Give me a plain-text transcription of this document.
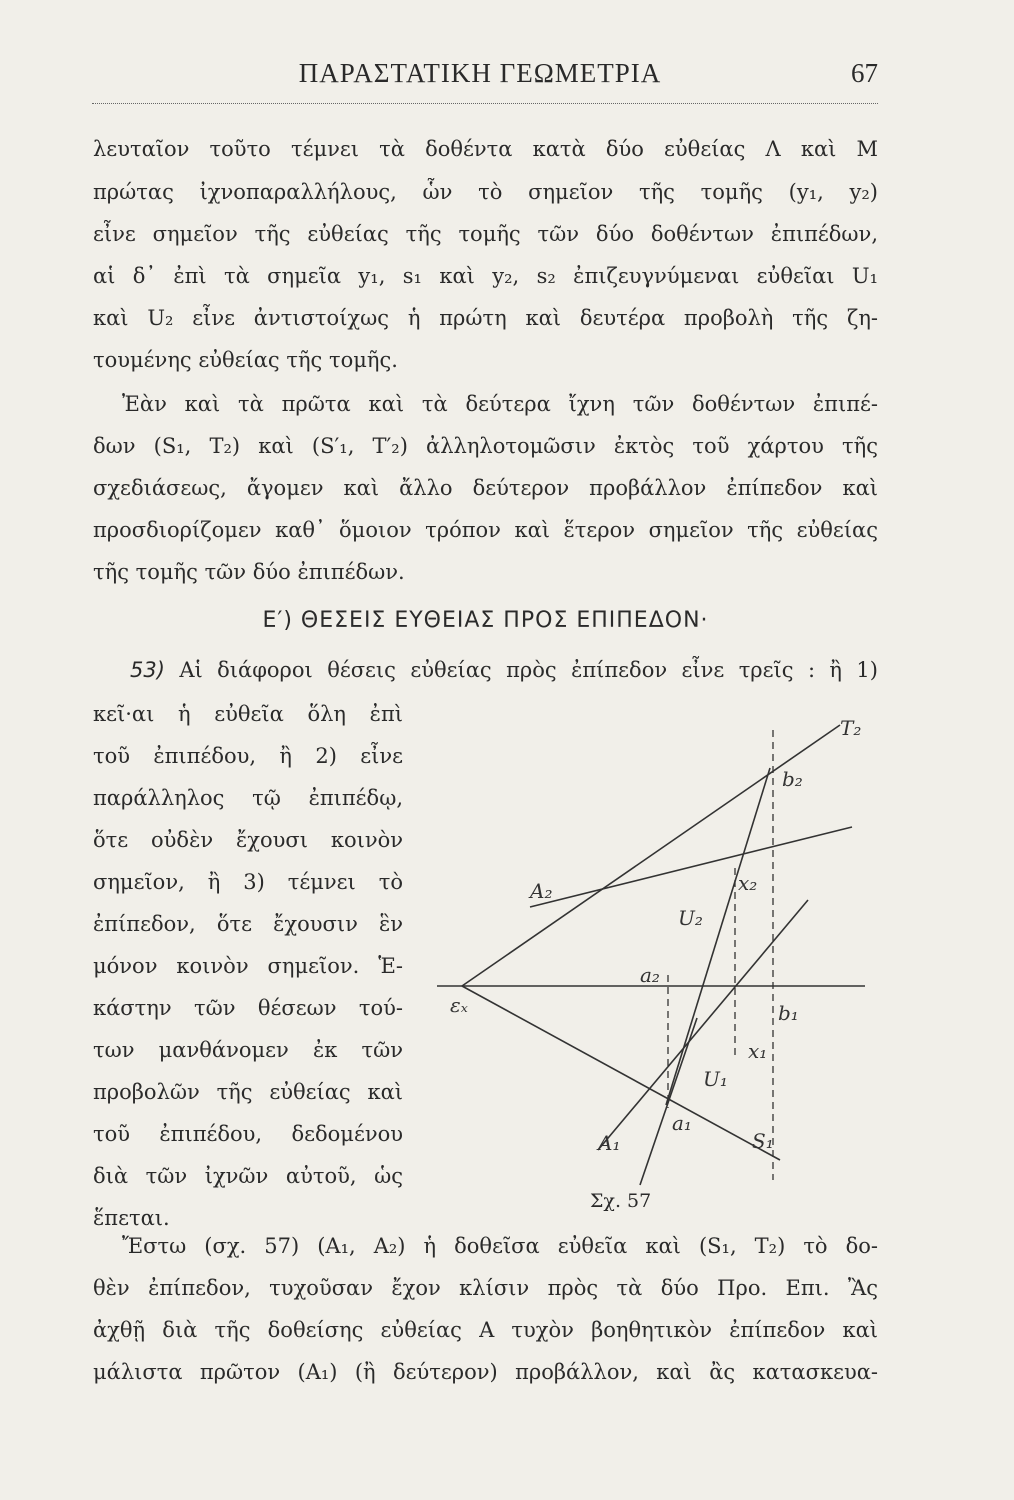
ΠΑΡΑΣΤΑΤΙΚΗ ΓΕΩΜΕΤΡΙΑ	67
λευταῖον τοῦτο τέμνει τὰ δοθέντα κατὰ δύο εὐθείας Λ καὶ Μ
πρώτας ἰχνοπαραλλήλους, ὧν τὸ σημεῖον τῆς τομῆς (y₁, y₂)
εἶνε σημεῖον τῆς εὐθείας τῆς τομῆς τῶν δύο δοθέντων ἐπιπέδων,
αἱ δ᾿ ἐπὶ τὰ σημεῖα y₁, s₁ καὶ y₂, s₂ ἐπιζευγνύμεναι εὐθεῖαι U₁
καὶ U₂ εἶνε ἀντιστοίχως ἡ πρώτη καὶ δευτέρα προβολὴ τῆς ζη-
τουμένης εὐθείας τῆς τομῆς.
Ἐὰν καὶ τὰ πρῶτα καὶ τὰ δεύτερα ἴχνη τῶν δοθέντων ἐπιπέ-
δων (S₁, T₂) καὶ (S′₁, T′₂) ἀλληλοτομῶσιν ἐκτὸς τοῦ χάρτου τῆς
σχεδιάσεως, ἄγομεν καὶ ἄλλο δεύτερον προβάλλον ἐπίπεδον καὶ
προσδιορίζομεν καθ᾿ ὅμοιον τρόπον καὶ ἕτερον σημεῖον τῆς εὐθείας
τῆς τομῆς τῶν δύο ἐπιπέδων.
Ε′) ΘΕΣΕΙΣ ΕΥΘΕΙΑΣ ΠΡΟΣ ΕΠΙΠΕΔΟΝ·
53) Αἱ διάφοροι θέσεις εὐθείας πρὸς ἐπίπεδον εἶνε τρεῖς : ἢ 1)
κεῖ·αι ἡ εὐθεῖα ὅλη ἐπὶ
τοῦ ἐπιπέδου, ἢ 2) εἶνε
παράλληλος τῷ ἐπιπέδῳ,
ὅτε οὐδὲν ἔχουσι κοινὸν
σημεῖον, ἢ 3) τέμνει τὸ
ἐπίπεδον, ὅτε ἔχουσιν ἓν
μόνον κοινὸν σημεῖον. Ἑ-
κάστην τῶν θέσεων τού-
των μανθάνομεν ἐκ τῶν
προβολῶν τῆς εὐθείας καὶ
τοῦ ἐπιπέδου, δεδομένου
διὰ τῶν ἰχνῶν αὐτοῦ, ὡς
ἕπεται.
T₂
b₂
x₂
A₂
U₂
a₂
εₓ	b₁
x₁
U₁
A₁
a₁
S₁
Σχ. 57
Ἔστω (σχ. 57) (A₁, A₂) ἡ δοθεῖσα εὐθεῖα καὶ (S₁, T₂) τὸ δο-
θὲν ἐπίπεδον, τυχοῦσαν ἔχον κλίσιν πρὸς τὰ δύο Προ. Επι. Ἂς
ἀχθῇ διὰ τῆς δοθείσης εὐθείας A τυχὸν βοηθητικὸν ἐπίπεδον καὶ
μάλιστα πρῶτον (A₁) (ἢ δεύτερον) προβάλλον, καὶ ἂς κατασκευα-
